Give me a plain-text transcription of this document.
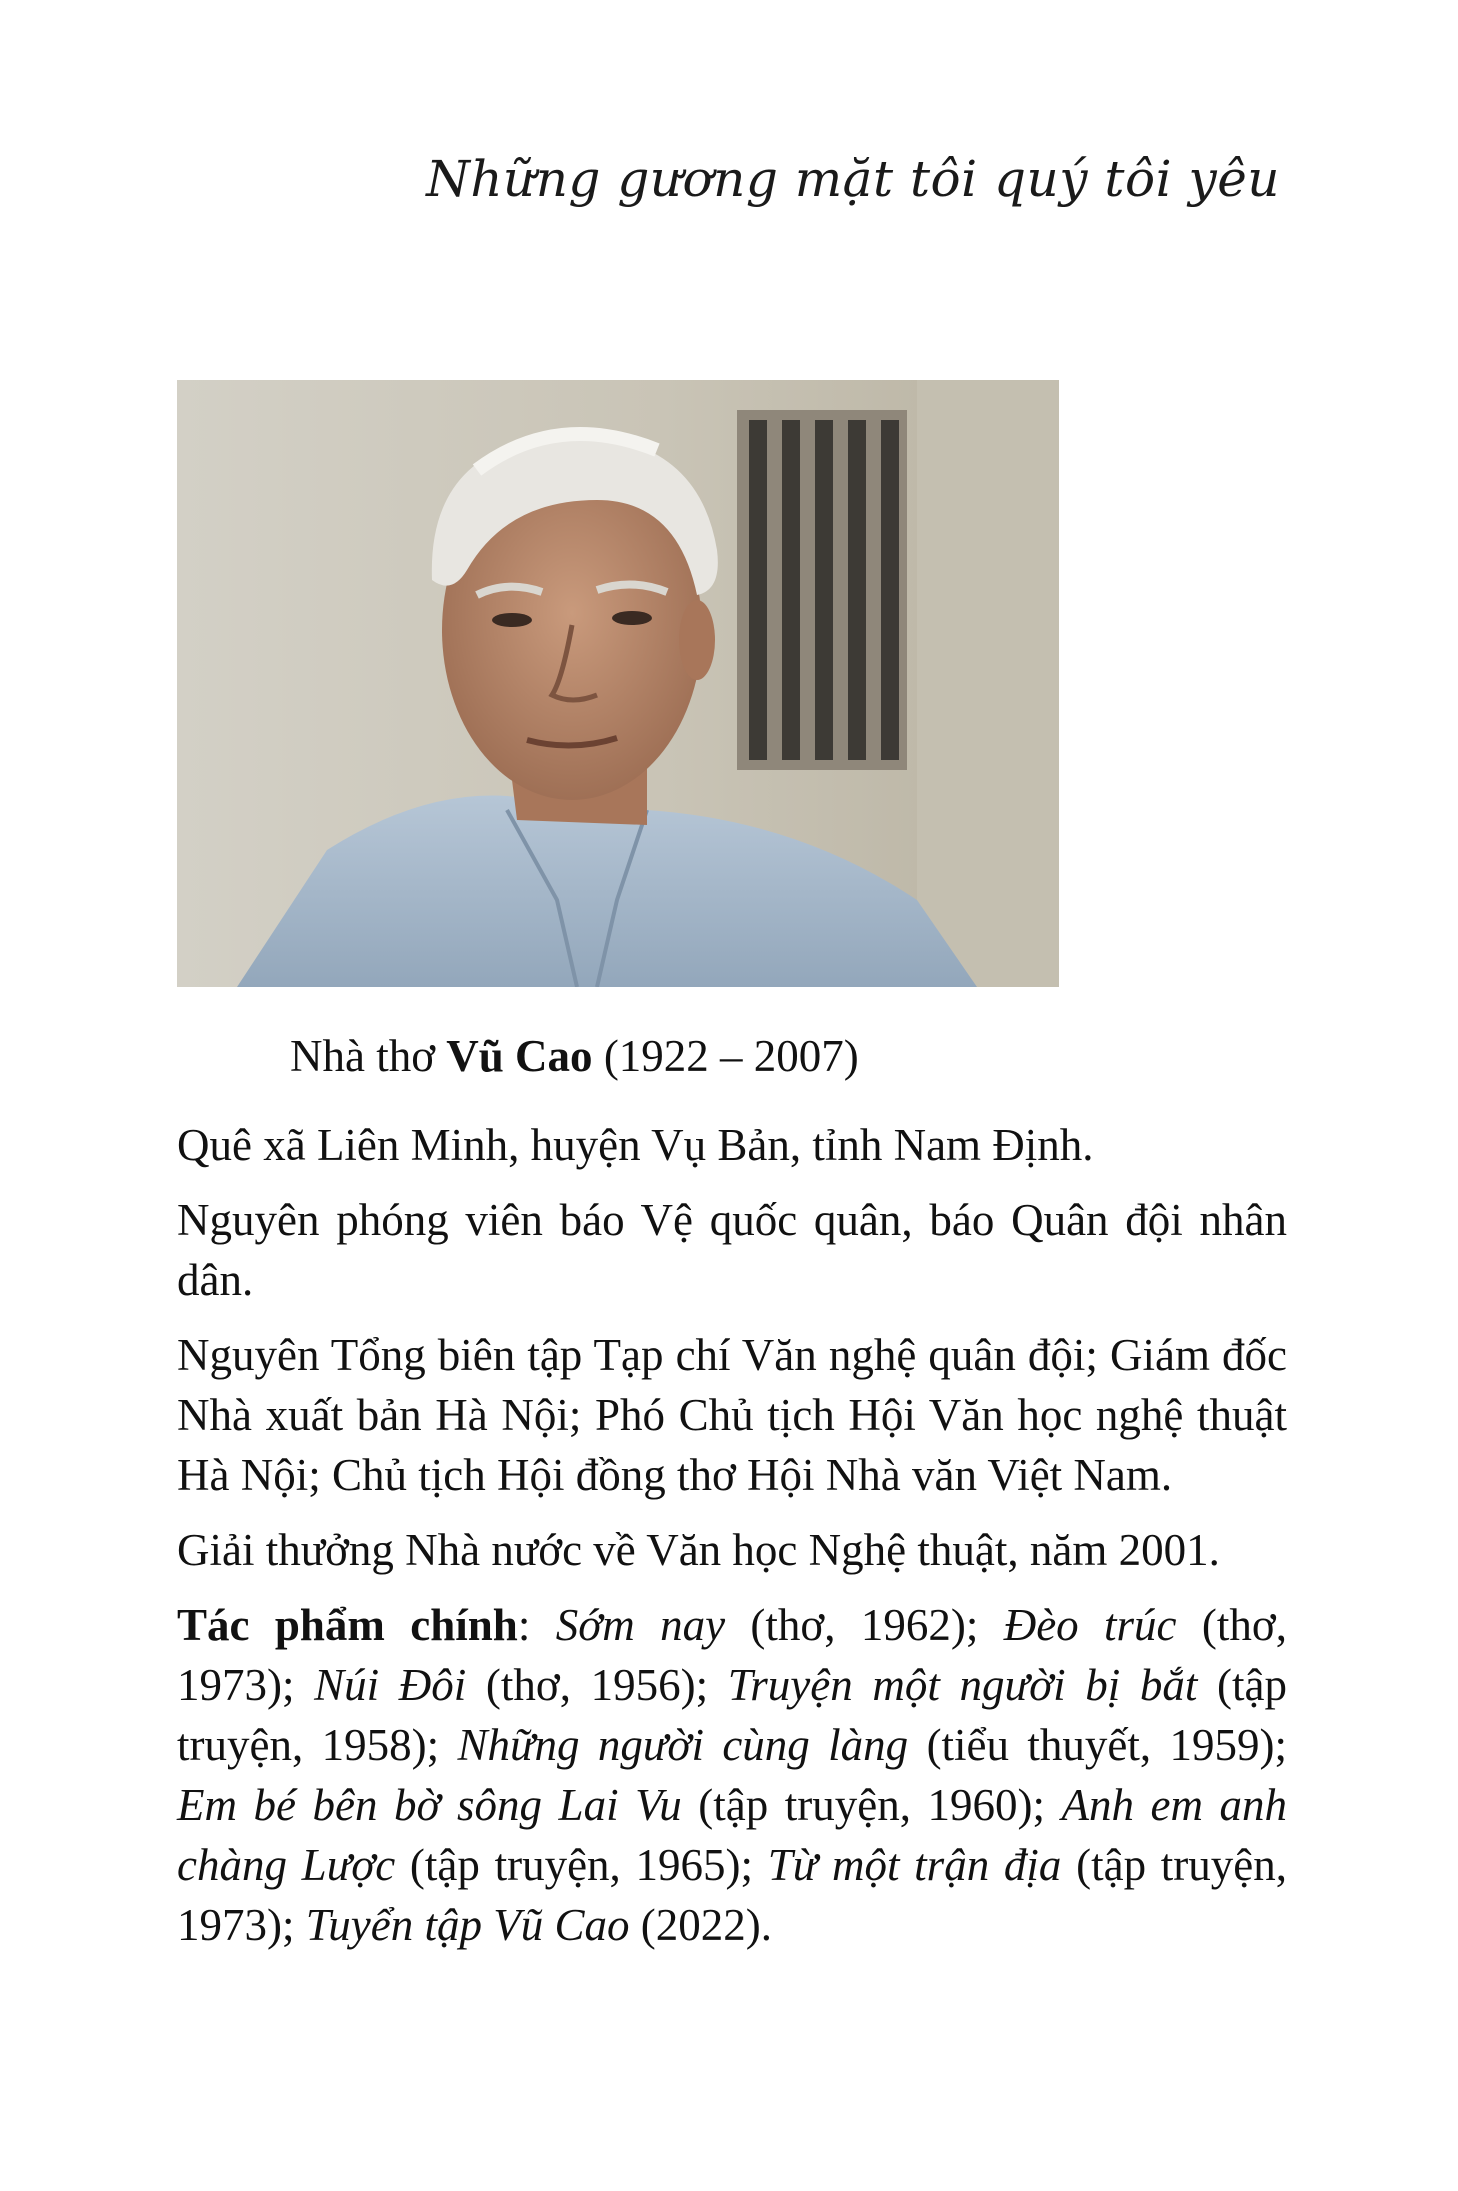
Những gương mặt tôi quý tôi yêu
Nhà thơ Vũ Cao (1922 – 2007)

Quê xã Liên Minh, huyện Vụ Bản, tỉnh Nam Định.

Nguyên phóng viên báo Vệ quốc quân, báo Quân đội nhân dân.

Nguyên Tổng biên tập Tạp chí Văn nghệ quân đội; Giám đốc Nhà xuất bản Hà Nội; Phó Chủ tịch Hội Văn học nghệ thuật Hà Nội; Chủ tịch Hội đồng thơ Hội Nhà văn Việt Nam.

Giải thưởng Nhà nước về Văn học Nghệ thuật, năm 2001.

Tác phẩm chính: Sớm nay (thơ, 1962); Đèo trúc (thơ, 1973); Núi Đôi (thơ, 1956); Truyện một người bị bắt (tập truyện, 1958); Những người cùng làng (tiểu thuyết, 1959); Em bé bên bờ sông Lai Vu (tập truyện, 1960); Anh em anh chàng Lược (tập truyện, 1965); Từ một trận địa (tập truyện, 1973); Tuyển tập Vũ Cao (2022).
